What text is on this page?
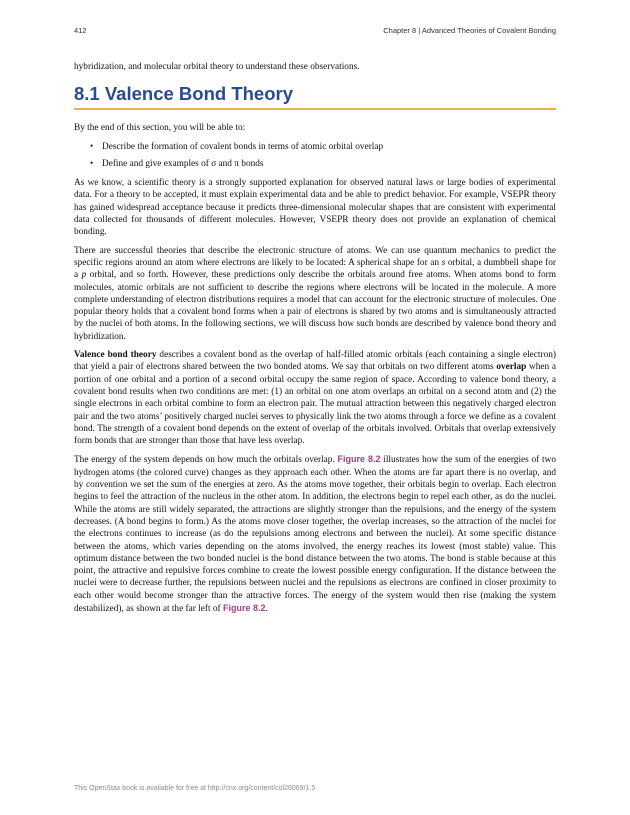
412	Chapter 8 | Advanced Theories of Covalent Bonding

hybridization, and molecular orbital theory to understand these observations.

8.1 Valence Bond Theory

By the end of this section, you will be able to:

• Describe the formation of covalent bonds in terms of atomic orbital overlap
• Define and give examples of σ and π bonds

As we know, a scientific theory is a strongly supported explanation for observed natural laws or large bodies of experimental data. For a theory to be accepted, it must explain experimental data and be able to predict behavior. For example, VSEPR theory has gained widespread acceptance because it predicts three-dimensional molecular shapes that are consistent with experimental data collected for thousands of different molecules. However, VSEPR theory does not provide an explanation of chemical bonding.

There are successful theories that describe the electronic structure of atoms. We can use quantum mechanics to predict the specific regions around an atom where electrons are likely to be located: A spherical shape for an s orbital, a dumbbell shape for a p orbital, and so forth. However, these predictions only describe the orbitals around free atoms. When atoms bond to form molecules, atomic orbitals are not sufficient to describe the regions where electrons will be located in the molecule. A more complete understanding of electron distributions requires a model that can account for the electronic structure of molecules. One popular theory holds that a covalent bond forms when a pair of electrons is shared by two atoms and is simultaneously attracted by the nuclei of both atoms. In the following sections, we will discuss how such bonds are described by valence bond theory and hybridization.

Valence bond theory describes a covalent bond as the overlap of half-filled atomic orbitals (each containing a single electron) that yield a pair of electrons shared between the two bonded atoms. We say that orbitals on two different atoms overlap when a portion of one orbital and a portion of a second orbital occupy the same region of space. According to valence bond theory, a covalent bond results when two conditions are met: (1) an orbital on one atom overlaps an orbital on a second atom and (2) the single electrons in each orbital combine to form an electron pair. The mutual attraction between this negatively charged electron pair and the two atoms’ positively charged nuclei serves to physically link the two atoms through a force we define as a covalent bond. The strength of a covalent bond depends on the extent of overlap of the orbitals involved. Orbitals that overlap extensively form bonds that are stronger than those that have less overlap.

The energy of the system depends on how much the orbitals overlap. Figure 8.2 illustrates how the sum of the energies of two hydrogen atoms (the colored curve) changes as they approach each other. When the atoms are far apart there is no overlap, and by convention we set the sum of the energies at zero. As the atoms move together, their orbitals begin to overlap. Each electron begins to feel the attraction of the nucleus in the other atom. In addition, the electrons begin to repel each other, as do the nuclei. While the atoms are still widely separated, the attractions are slightly stronger than the repulsions, and the energy of the system decreases. (A bond begins to form.) As the atoms move closer together, the overlap increases, so the attraction of the nuclei for the electrons continues to increase (as do the repulsions among electrons and between the nuclei). At some specific distance between the atoms, which varies depending on the atoms involved, the energy reaches its lowest (most stable) value. This optimum distance between the two bonded nuclei is the bond distance between the two atoms. The bond is stable because at this point, the attractive and repulsive forces combine to create the lowest possible energy configuration. If the distance between the nuclei were to decrease further, the repulsions between nuclei and the repulsions as electrons are confined in closer proximity to each other would become stronger than the attractive forces. The energy of the system would then rise (making the system destabilized), as shown at the far left of Figure 8.2.

This OpenStax book is available for free at http://cnx.org/content/col26069/1.5
